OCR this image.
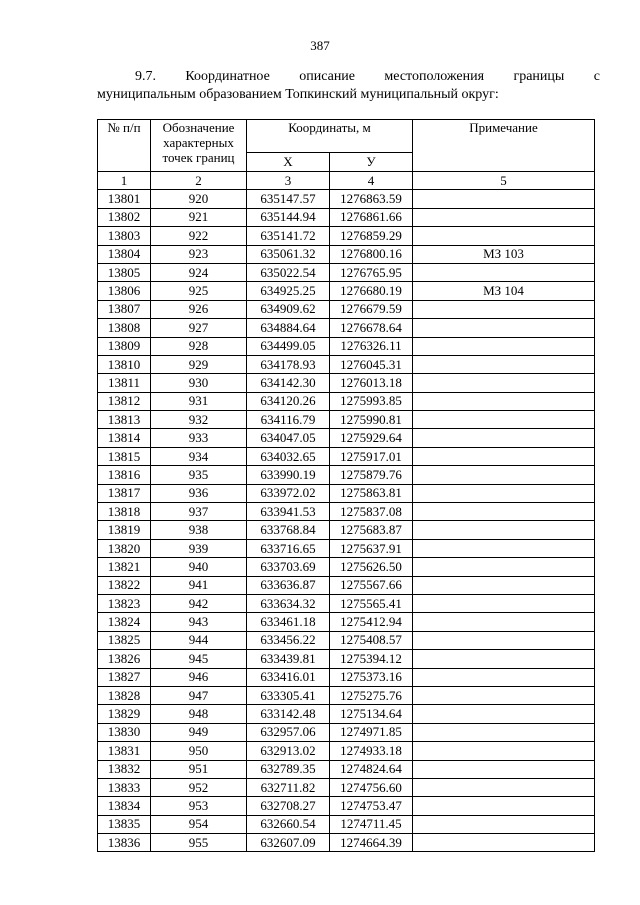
387
9.7. Координатное описание местоположения границы с
муниципальным образованием Топкинский муниципальный округ:
№ п/п	Обозначение характерных точек границ	Координаты, м		Примечание
		X	У	
1	2	3	4	5
13801	920	635147.57	1276863.59	
13802	921	635144.94	1276861.66	
13803	922	635141.72	1276859.29	
13804	923	635061.32	1276800.16	МЗ 103
13805	924	635022.54	1276765.95	
13806	925	634925.25	1276680.19	МЗ 104
13807	926	634909.62	1276679.59	
13808	927	634884.64	1276678.64	
13809	928	634499.05	1276326.11	
13810	929	634178.93	1276045.31	
13811	930	634142.30	1276013.18	
13812	931	634120.26	1275993.85	
13813	932	634116.79	1275990.81	
13814	933	634047.05	1275929.64	
13815	934	634032.65	1275917.01	
13816	935	633990.19	1275879.76	
13817	936	633972.02	1275863.81	
13818	937	633941.53	1275837.08	
13819	938	633768.84	1275683.87	
13820	939	633716.65	1275637.91	
13821	940	633703.69	1275626.50	
13822	941	633636.87	1275567.66	
13823	942	633634.32	1275565.41	
13824	943	633461.18	1275412.94	
13825	944	633456.22	1275408.57	
13826	945	633439.81	1275394.12	
13827	946	633416.01	1275373.16	
13828	947	633305.41	1275275.76	
13829	948	633142.48	1275134.64	
13830	949	632957.06	1274971.85	
13831	950	632913.02	1274933.18	
13832	951	632789.35	1274824.64	
13833	952	632711.82	1274756.60	
13834	953	632708.27	1274753.47	
13835	954	632660.54	1274711.45	
13836	955	632607.09	1274664.39	
